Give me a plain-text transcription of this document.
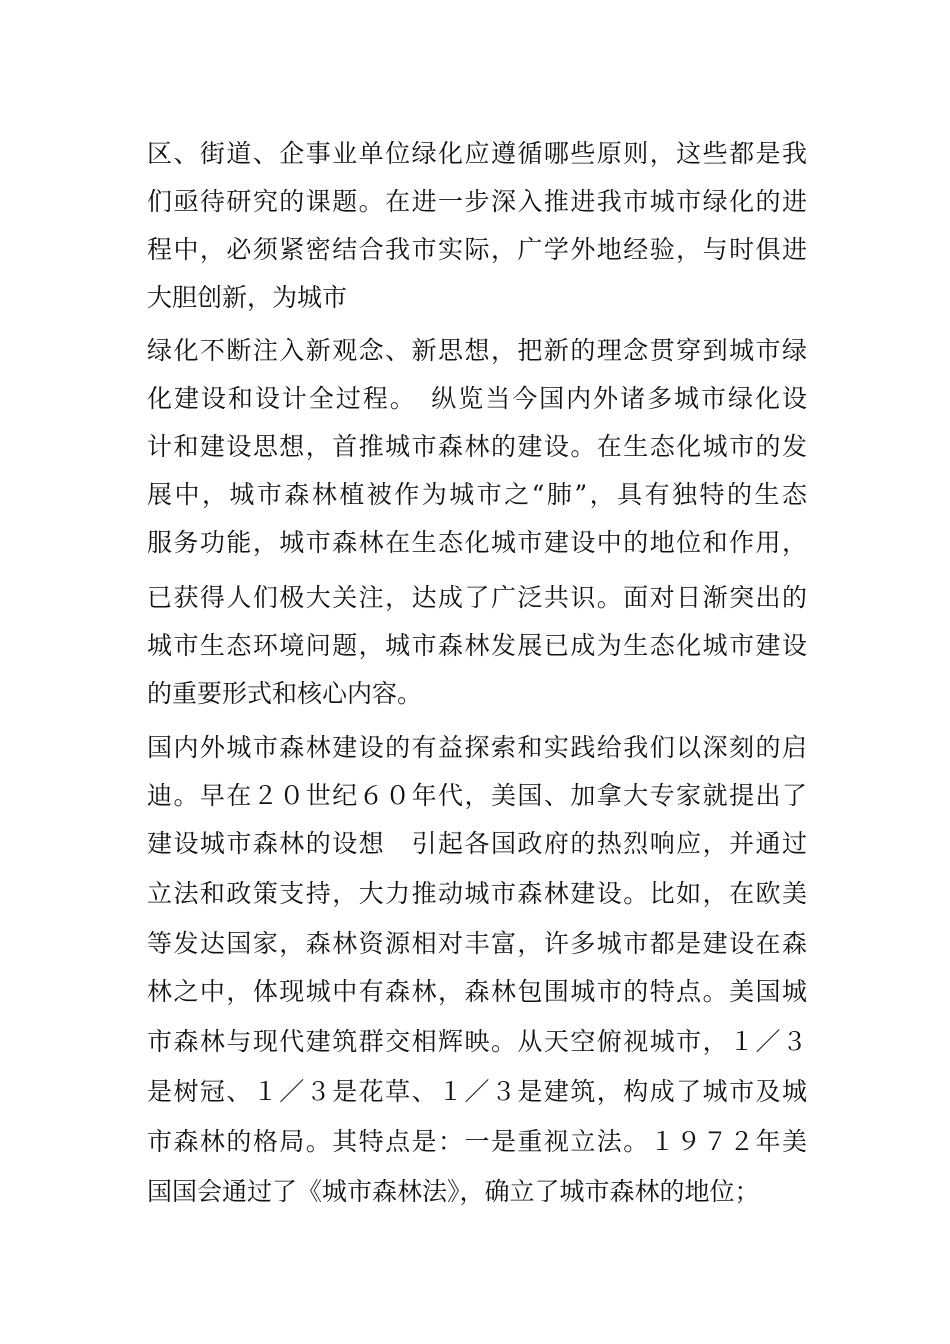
区、街道、企事业单位绿化应遵循哪些原则，这些都是我
们亟待研究的课题。在进一步深入推进我市城市绿化的进
程中，必须紧密结合我市实际，广学外地经验，与时俱进
大胆创新，为城市
绿化不断注入新观念、新思想，把新的理念贯穿到城市绿
化建设和设计全过程。　纵览当今国内外诸多城市绿化设
计和建设思想，首推城市森林的建设。在生态化城市的发
展中，城市森林植被作为城市之“肺”，具有独特的生态
服务功能，城市森林在生态化城市建设中的地位和作用，
已获得人们极大关注，达成了广泛共识。面对日渐突出的
城市生态环境问题，城市森林发展已成为生态化城市建设
的重要形式和核心内容。
国内外城市森林建设的有益探索和实践给我们以深刻的启
迪。早在２０世纪６０年代，美国、加拿大专家就提出了
建设城市森林的设想　引起各国政府的热烈响应，并通过
立法和政策支持，大力推动城市森林建设。比如，在欧美
等发达国家，森林资源相对丰富，许多城市都是建设在森
林之中，体现城中有森林，森林包围城市的特点。美国城
市森林与现代建筑群交相辉映。从天空俯视城市，１／３
是树冠、１／３是花草、１／３是建筑，构成了城市及城
市森林的格局。其特点是：一是重视立法。１９７２年美
国国会通过了《城市森林法》，确立了城市森林的地位；
